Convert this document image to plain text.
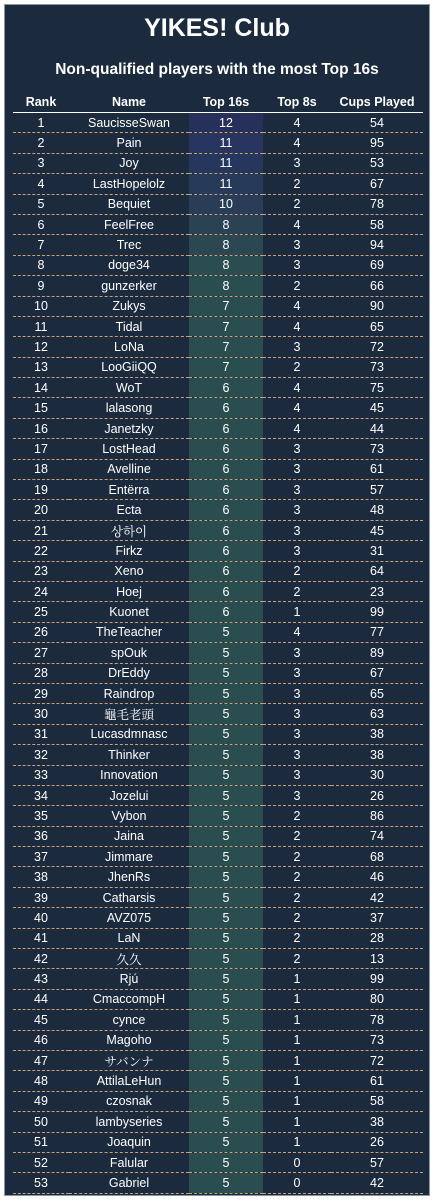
YIKES! Club
Non-qualified players with the most Top 16s
Rank	Name	Top 16s	Top 8s	Cups Played
1	SaucisseSwan	12	4	54
2	Pain	11	4	95
3	Joy	11	3	53
4	LastHopelolz	11	2	67
5	Bequiet	10	2	78
6	FeelFree	8	4	58
7	Trec	8	3	94
8	doge34	8	3	69
9	gunzerker	8	2	66
10	Zukys	7	4	90
11	Tidal	7	4	65
12	LoNa	7	3	72
13	LooGiiQQ	7	2	73
14	WoT	6	4	75
15	lalasong	6	4	45
16	Janetzky	6	4	44
17	LostHead	6	3	73
18	Avelline	6	3	61
19	Entërra	6	3	57
20	Ecta	6	3	48
21	상하이	6	3	45
22	Firkz	6	3	31
23	Xeno	6	2	64
24	Hoej	6	2	23
25	Kuonet	6	1	99
26	TheTeacher	5	4	77
27	spOuk	5	3	89
28	DrEddy	5	3	67
29	Raindrop	5	3	65
30	龜毛老頭	5	3	63
31	Lucasdmnasc	5	3	38
32	Thinker	5	3	38
33	Innovation	5	3	30
34	Jozelui	5	3	26
35	Vybon	5	2	86
36	Jaina	5	2	74
37	Jimmare	5	2	68
38	JhenRs	5	2	46
39	Catharsis	5	2	42
40	AVZ075	5	2	37
41	LaN	5	2	28
42	久久	5	2	13
43	Rjú	5	1	99
44	CmaccompH	5	1	80
45	cynce	5	1	78
46	Magoho	5	1	73
47	サバンナ	5	1	72
48	AttilaLeHun	5	1	61
49	czosnak	5	1	58
50	lambyseries	5	1	38
51	Joaquin	5	1	26
52	Falular	5	0	57
53	Gabriel	5	0	42
